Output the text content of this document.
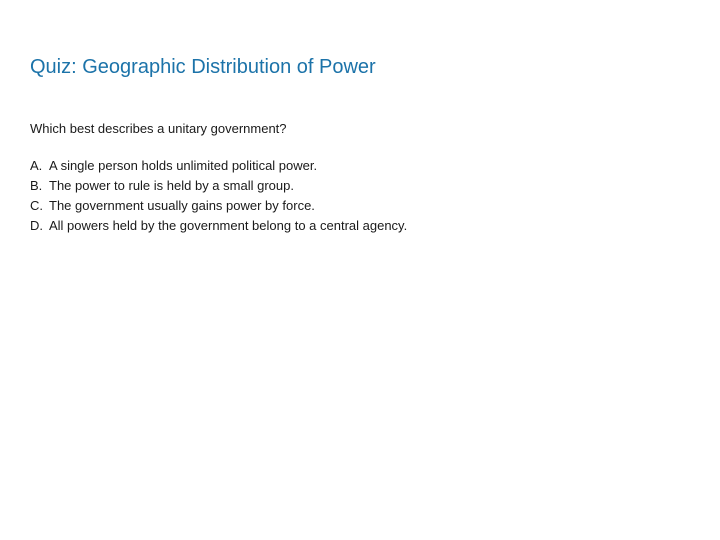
Quiz: Geographic Distribution of Power

Which best describes a unitary government?

A. A single person holds unlimited political power.
B. The power to rule is held by a small group.
C. The government usually gains power by force.
D. All powers held by the government belong to a central agency.
